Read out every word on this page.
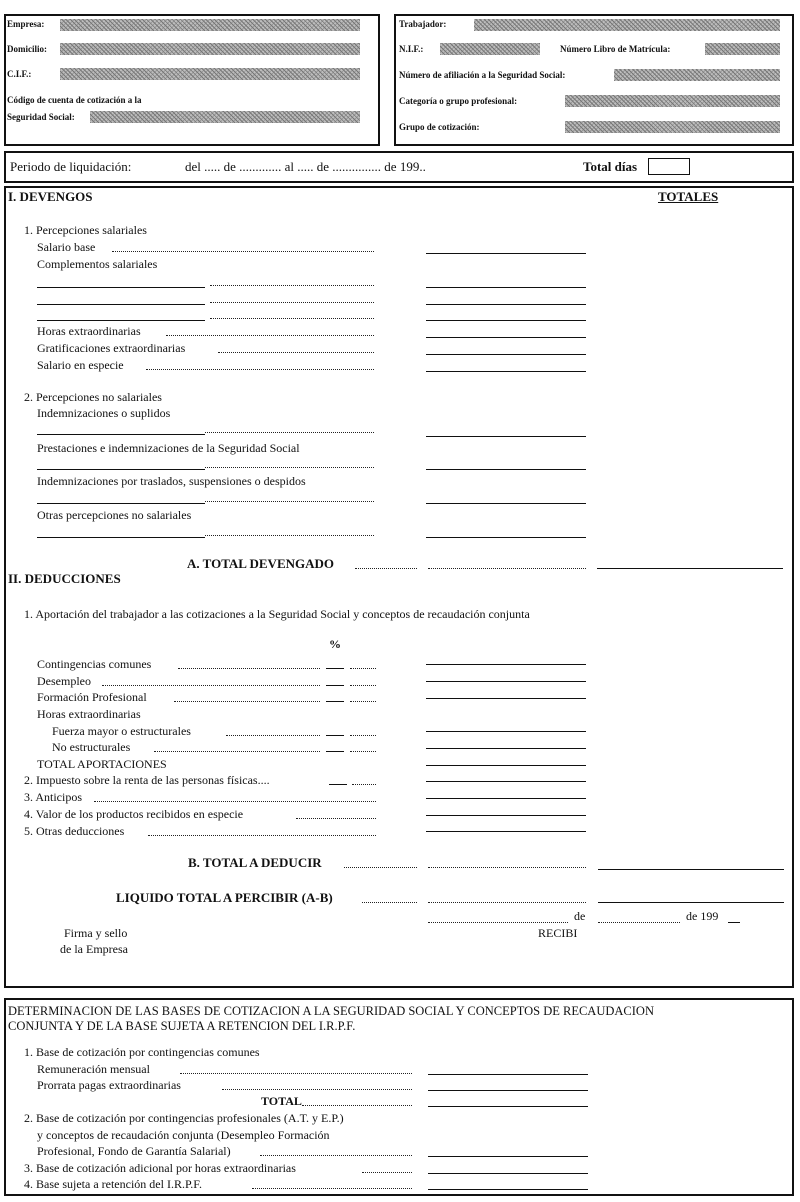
Empresa:
Domicilio:
C.I.F.:
Código de cuenta de cotización a la
Seguridad Social:
Trabajador:
N.I.F.:	Número Libro de Matrícula:
Número de afiliación a la Seguridad Social:
Categoría o grupo profesional:
Grupo de cotización:
Periodo de liquidación:	del ..... de ............. al ..... de ............... de 199..	Total días
I. DEVENGOS	TOTALES
1. Percepciones salariales
Salario base
Complementos salariales
Horas extraordinarias
Gratificaciones extraordinarias
Salario en especie
2. Percepciones no salariales
Indemnizaciones o suplidos
Prestaciones e indemnizaciones de la Seguridad Social
Indemnizaciones por traslados, suspensiones o despidos
Otras percepciones no salariales
A. TOTAL DEVENGADO
II. DEDUCCIONES
1. Aportación del trabajador a las cotizaciones a la Seguridad Social y conceptos de recaudación conjunta
%
Contingencias comunes
Desempleo
Formación Profesional
Horas extraordinarias
Fuerza mayor o estructurales
No estructurales
TOTAL APORTACIONES
2. Impuesto sobre la renta de las personas físicas....
3. Anticipos
4. Valor de los productos recibidos en especie
5. Otras deducciones
B. TOTAL A DEDUCIR
LIQUIDO TOTAL A PERCIBIR (A-B)
de	de 199
Firma y sello
de la Empresa
RECIBI
DETERMINACION DE LAS BASES DE COTIZACION A LA SEGURIDAD SOCIAL Y CONCEPTOS DE RECAUDACION
CONJUNTA Y DE LA BASE SUJETA A RETENCION DEL I.R.P.F.
1. Base de cotización por contingencias comunes
Remuneración mensual
Prorrata pagas extraordinarias
TOTAL
2. Base de cotización por contingencias profesionales (A.T. y E.P.)
y conceptos de recaudación conjunta (Desempleo Formación
Profesional, Fondo de Garantía Salarial)
3. Base de cotización adicional por horas extraordinarias
4. Base sujeta a retención del I.R.P.F.
